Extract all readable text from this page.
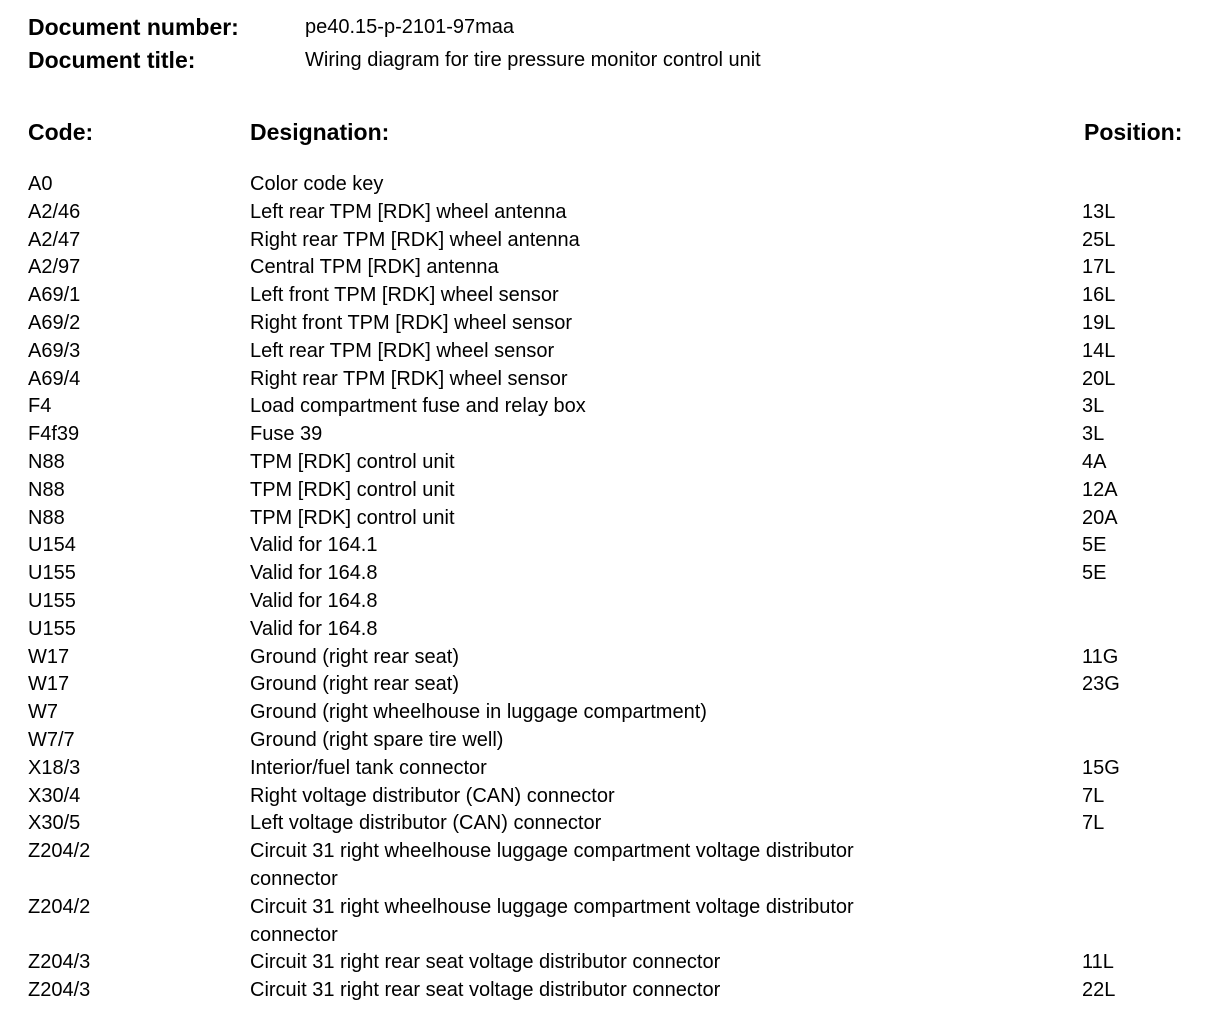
Document number:	pe40.15-p-2101-97maa
Document title:	Wiring diagram for tire pressure monitor control unit
Code:	Designation:	Position:
A0	Color code key
A2/46	Left rear TPM [RDK] wheel antenna	13L
A2/47	Right rear TPM [RDK] wheel antenna	25L
A2/97	Central TPM [RDK] antenna	17L
A69/1	Left front TPM [RDK] wheel sensor	16L
A69/2	Right front TPM [RDK] wheel sensor	19L
A69/3	Left rear TPM [RDK] wheel sensor	14L
A69/4	Right rear TPM [RDK] wheel sensor	20L
F4	Load compartment fuse and relay box	3L
F4f39	Fuse 39	3L
N88	TPM [RDK] control unit	4A
N88	TPM [RDK] control unit	12A
N88	TPM [RDK] control unit	20A
U154	Valid for 164.1	5E
U155	Valid for 164.8	5E
U155	Valid for 164.8
U155	Valid for 164.8
W17	Ground (right rear seat)	11G
W17	Ground (right rear seat)	23G
W7	Ground (right wheelhouse in luggage compartment)
W7/7	Ground (right spare tire well)
X18/3	Interior/fuel tank connector	15G
X30/4	Right voltage distributor (CAN) connector	7L
X30/5	Left voltage distributor (CAN) connector	7L
Z204/2	Circuit 31 right wheelhouse luggage compartment voltage distributor connector
Z204/2	Circuit 31 right wheelhouse luggage compartment voltage distributor connector
Z204/3	Circuit 31 right rear seat voltage distributor connector	11L
Z204/3	Circuit 31 right rear seat voltage distributor connector	22L
